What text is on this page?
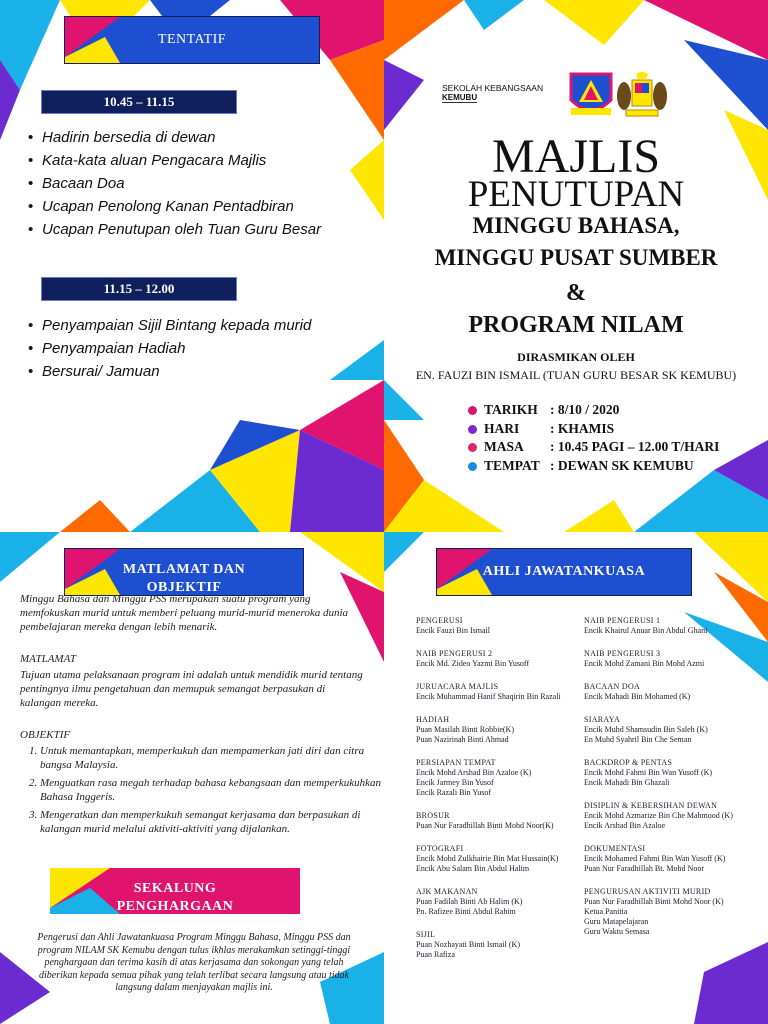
TENTATIF
10.45 – 11.15
• Hadirin bersedia di dewan
• Kata-kata aluan Pengacara Majlis
• Bacaan Doa
• Ucapan Penolong Kanan Pentadbiran
• Ucapan Penutupan oleh Tuan Guru Besar
11.15 – 12.00
• Penyampaian Sijil Bintang kepada murid
• Penyampaian Hadiah
• Bersurai/ Jamuan
SEKOLAH KEBANGSAAN
KEMUBU
MAJLIS
PENUTUPAN
MINGGU BAHASA,
MINGGU PUSAT SUMBER
&
PROGRAM NILAM
DIRASMIKAN OLEH
EN. FAUZI BIN ISMAIL (TUAN GURU BESAR SK KEMUBU)
TARIKH : 8/10 / 2020
HARI : KHAMIS
MASA : 10.45 PAGI – 12.00 T/HARI
TEMPAT : DEWAN SK KEMUBU
MATLAMAT DAN
OBJEKTIF
Minggu Bahasa dan Minggu PSS merupakan suatu program yang memfokuskan murid untuk memberi peluang murid-murid meneroka dunia pembelajaran mereka dengan lebih menarik.
MATLAMAT
Tujuan utama pelaksanaan program ini adalah untuk mendidik murid tentang pentingnya ilmu pengetahuan dan memupuk semangat berpasukan di kalangan mereka.
OBJEKTIF
1. Untuk memantapkan, memperkukuh dan mempamerkan jati diri dan citra bangsa Malaysia.
2. Menguatkan rasa megah terhadap bahasa kebangsaan dan memperkukuhkan Bahasa Inggeris.
3. Mengeratkan dan memperkukuh semangat kerjasama dan berpasukan di kalangan murid melalui aktiviti-aktiviti yang dijalankan.
SEKALUNG
PENGHARGAAN
Pengerusi dan Ahli Jawatankuasa Program Minggu Bahasa, Minggu PSS dan program NILAM SK Kemubu dengan tulus ikhlas merakamkan setinggi-tinggi penghargaan dan terima kasih di atas kerjasama dan sokongan yang telah diberikan kepada semua pihak yang telah terlibat secara langsung atau tidak langsung dalam menjayakan majlis ini.
AHLI JAWATANKUASA
PENGERUSI
Encik Fauzi Bin Ismail
NAIB PENGERUSI 2
Encik Md. Zideo Yazmi Bin Yusoff
JURUACARA MAJLIS
Encik Muhammad Hanif Shaqirin Bin Razali
HADIAH
Puan Masilah Binti Robbie(K)
Puan Nazirinah Binti Ahmad
PERSIAPAN TEMPAT
Encik Mohd Arshad Bin Azaloe (K)
Encik Jarmey Bin Yusof
Encik Razali Bin Yusof
BROSUR
Puan Nur Faradhillah Binti Mohd Noor(K)
FOTOGRAFI
Encik Mohd Zulkhairie Bin Mat Hussain(K)
Encik Abu Salam Bin Abdul Halim
AJK MAKANAN
Puan Fadilah Binti Ab Halim (K)
Pn. Rafizee Binti Abdul Rahim
SIJIL
Puan Nozhayati Binti Ismail (K)
Puan Rafiza
NAIB PENGERUSI 1
Encik Khairul Anuar Bin Abdul Ghani
NAIB PENGERUSI 3
Encik Mohd Zamani Bin Mohd Azmi
BACAAN DOA
Encik Mahadi Bin Mohamed (K)
SIARAYA
Encik Muhd Shamsudin Bin Saleh (K)
En Muhd Syahril Bin Che Seman
BACKDROP & PENTAS
Encik Mohd Fahmi Bin Wan Yusoff (K)
Encik Mahadi Bin Ghazali
DISIPLIN & KEBERSIHAN DEWAN
Encik Mohd Azmarize Bin Che Mahmood (K)
Encik Arshad Bin Azaloe
DOKUMENTASI
Encik Mohamed Fahmi Bin Wan Yusoff (K)
Puan Nur Faradhillah Bt. Mohd Noor
PENGURUSAN AKTIVITI MURID
Puan Nur Faradhillah Binti Mohd Noor (K)
Ketua Panitia
Guru Matapelajaran
Guru Waktu Semasa
